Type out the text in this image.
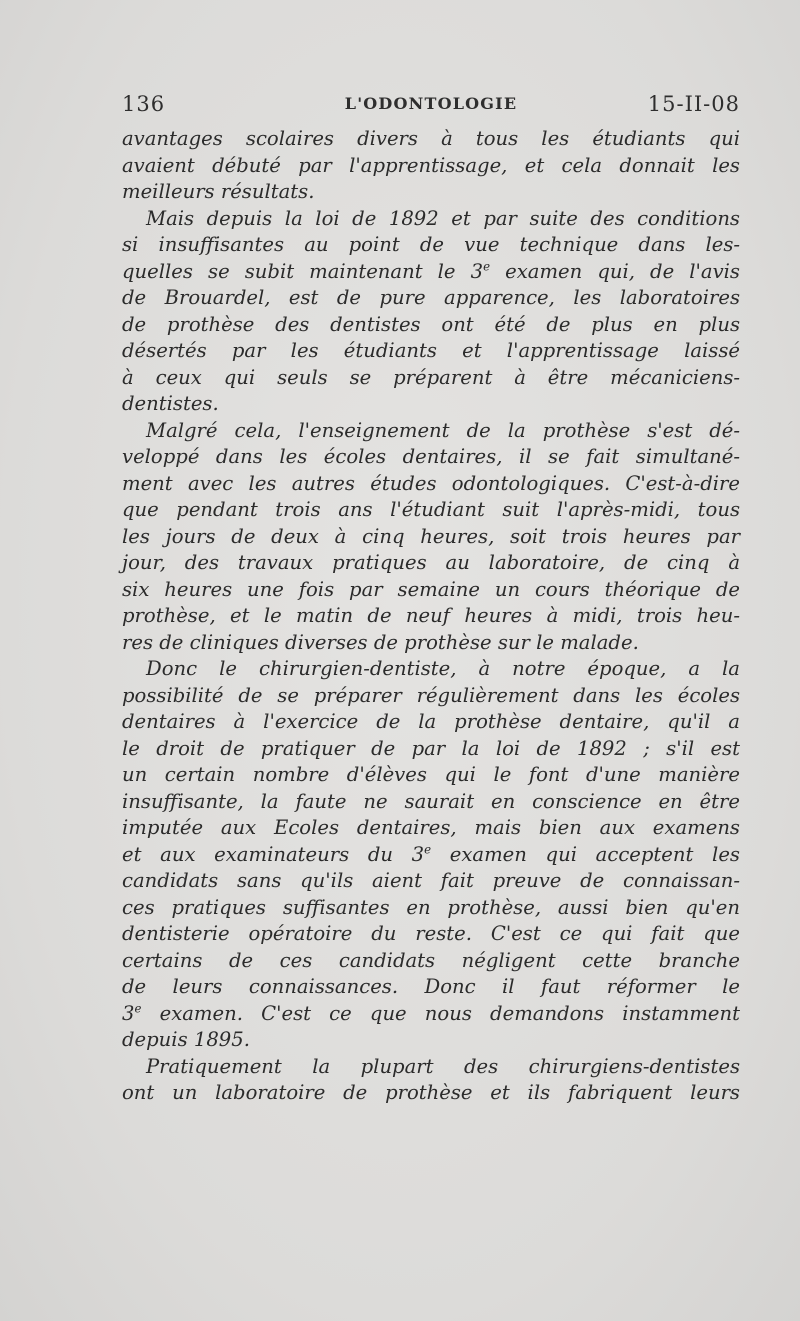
136	L'ODONTOLOGIE	15-II-08
avantages scolaires divers à tous les étudiants qui
avaient débuté par l'apprentissage, et cela donnait les
meilleurs résultats.
Mais depuis la loi de 1892 et par suite des conditions
si insuffisantes au point de vue technique dans les-
quelles se subit maintenant le 3e examen qui, de l'avis
de Brouardel, est de pure apparence, les laboratoires
de prothèse des dentistes ont été de plus en plus
désertés par les étudiants et l'apprentissage laissé
à ceux qui seuls se préparent à être mécaniciens-
dentistes.
Malgré cela, l'enseignement de la prothèse s'est dé-
veloppé dans les écoles dentaires, il se fait simultané-
ment avec les autres études odontologiques. C'est-à-dire
que pendant trois ans l'étudiant suit l'après-midi, tous
les jours de deux à cinq heures, soit trois heures par
jour, des travaux pratiques au laboratoire, de cinq à
six heures une fois par semaine un cours théorique de
prothèse, et le matin de neuf heures à midi, trois heu-
res de cliniques diverses de prothèse sur le malade.
Donc le chirurgien-dentiste, à notre époque, a la
possibilité de se préparer régulièrement dans les écoles
dentaires à l'exercice de la prothèse dentaire, qu'il a
le droit de pratiquer de par la loi de 1892 ; s'il est
un certain nombre d'élèves qui le font d'une manière
insuffisante, la faute ne saurait en conscience en être
imputée aux Ecoles dentaires, mais bien aux examens
et aux examinateurs du 3e examen qui acceptent les
candidats sans qu'ils aient fait preuve de connaissan-
ces pratiques suffisantes en prothèse, aussi bien qu'en
dentisterie opératoire du reste. C'est ce qui fait que
certains de ces candidats négligent cette branche
de leurs connaissances. Donc il faut réformer le
3e examen. C'est ce que nous demandons instamment
depuis 1895.
Pratiquement la plupart des chirurgiens-dentistes
ont un laboratoire de prothèse et ils fabriquent leurs
